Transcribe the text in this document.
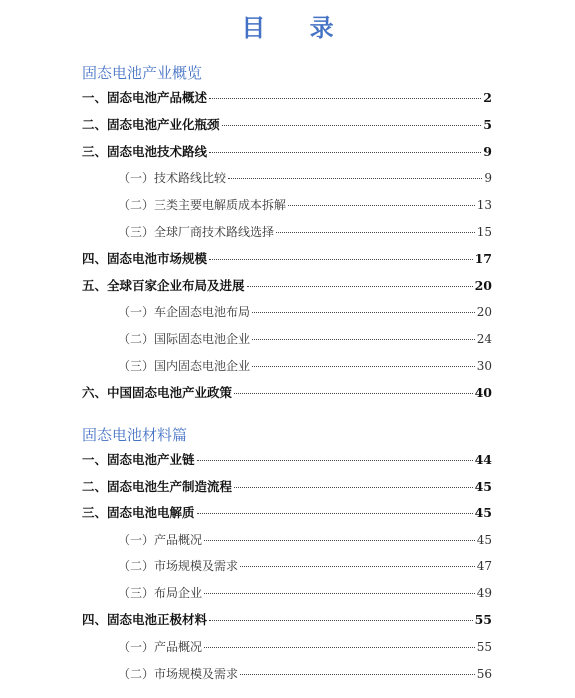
目 录
固态电池产业概览
一、固态电池产品概述	2
二、固态电池产业化瓶颈	5
三、固态电池技术路线	9
（一）技术路线比较	9
（二）三类主要电解质成本拆解	13
（三）全球厂商技术路线选择	15
四、固态电池市场规模	17
五、全球百家企业布局及进展	20
（一）车企固态电池布局	20
（二）国际固态电池企业	24
（三）国内固态电池企业	30
六、中国固态电池产业政策	40
固态电池材料篇
一、固态电池产业链	44
二、固态电池生产制造流程	45
三、固态电池电解质	45
（一）产品概况	45
（二）市场规模及需求	47
（三）布局企业	49
四、固态电池正极材料	55
（一）产品概况	55
（二）市场规模及需求	56
